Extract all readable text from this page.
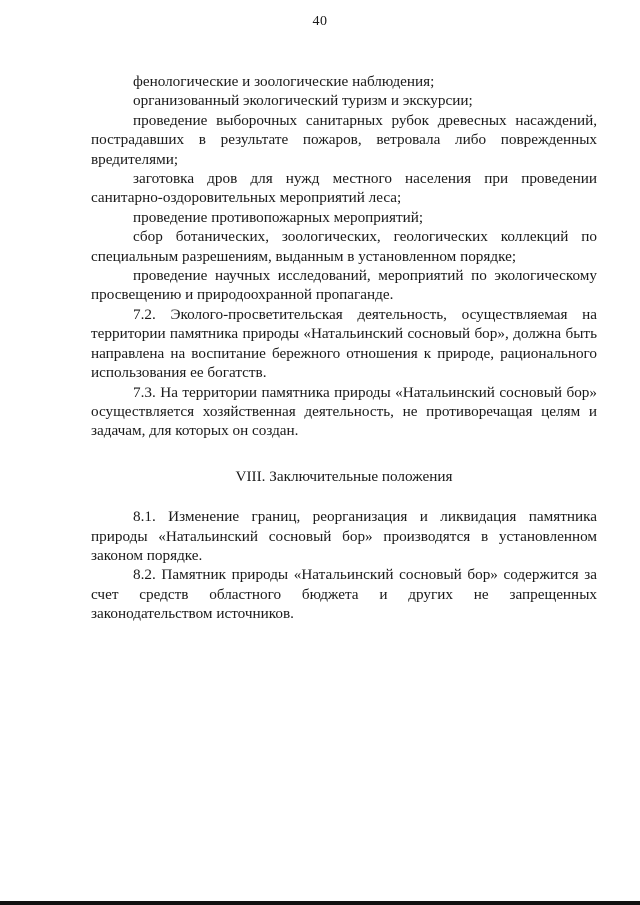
40

фенологические и зоологические наблюдения;

организованный экологический туризм и экскурсии;

проведение выборочных санитарных рубок древесных насаждений, пострадавших в результате пожаров, ветровала либо поврежденных вредителями;

заготовка дров для нужд местного населения при проведении санитарно-оздоровительных мероприятий леса;

проведение противопожарных мероприятий;

сбор ботанических, зоологических, геологических коллекций по специальным разрешениям, выданным в установленном порядке;

проведение научных исследований, мероприятий по экологическому просвещению и природоохранной пропаганде.

7.2. Эколого-просветительская деятельность, осуществляемая на территории памятника природы «Натальинский сосновый бор», должна быть направлена на воспитание бережного отношения к природе, рационального использования ее богатств.

7.3. На территории памятника природы «Натальинский сосновый бор» осуществляется хозяйственная деятельность, не противоречащая целям и задачам, для которых он создан.

VIII. Заключительные положения

8.1. Изменение границ, реорганизация и ликвидация памятника природы «Натальинский сосновый бор» производятся в установленном законом порядке.

8.2. Памятник природы «Натальинский сосновый бор» содержится за счет средств областного бюджета и других не запрещенных законодательством источников.
